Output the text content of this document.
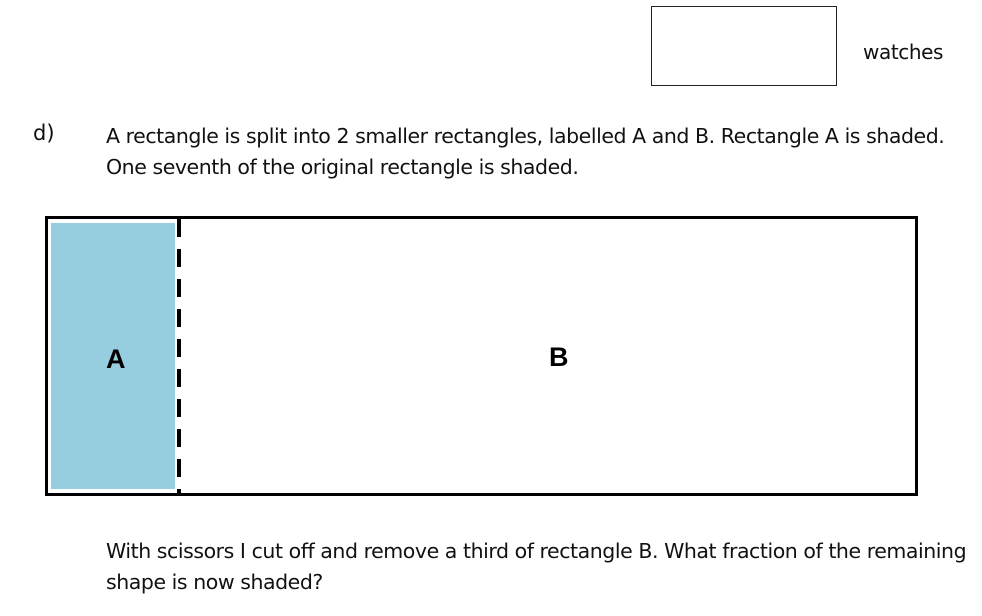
watches
d)	A rectangle is split into 2 smaller rectangles, labelled A and B. Rectangle A is shaded.
One seventh of the original rectangle is shaded.
A	B
With scissors I cut off and remove a third of rectangle B. What fraction of the remaining
shape is now shaded?
